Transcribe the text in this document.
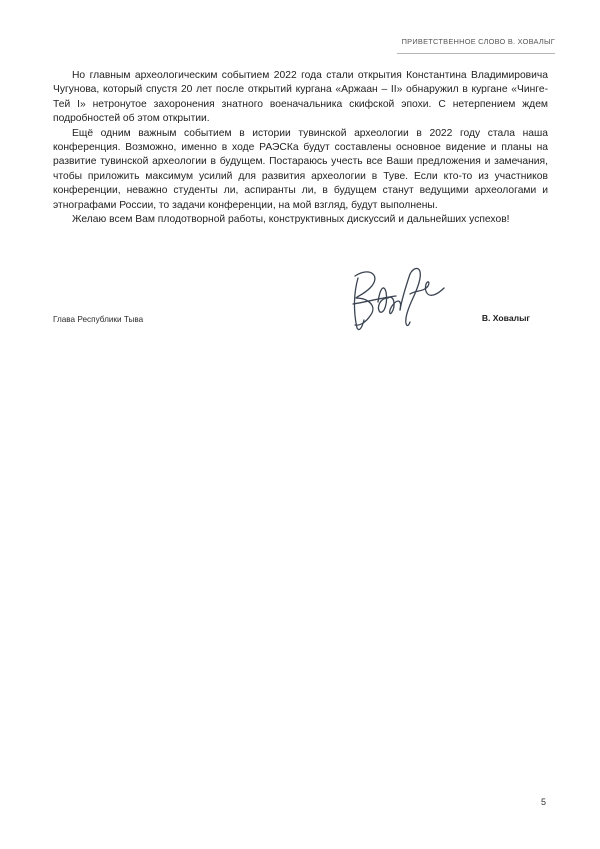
ПРИВЕТСТВЕННОЕ СЛОВО В. ХОВАЛЫГ

Но главным археологическим событием 2022 года стали открытия Константина Владимировича Чугунова, который спустя 20 лет после открытий кургана «Аржаан – II» обнаружил в кургане «Чинге-Тей I» нетронутое захоронения знатного военачальника скифской эпохи. С нетерпением ждем подробностей об этом открытии.

Ещё одним важным событием в истории тувинской археологии в 2022 году стала наша конференция. Возможно, именно в ходе РАЭСКа будут составлены основное видение и планы на развитие тувинской археологии в будущем. Постараюсь учесть все Ваши предложения и замечания, чтобы приложить максимум усилий для развития археологии в Туве. Если кто-то из участников конференции, неважно студенты ли, аспиранты ли, в будущем станут ведущими археологами и этнографами России, то задачи конференции, на мой взгляд, будут выполнены.

Желаю всем Вам плодотворной работы, конструктивных дискуссий и дальнейших успехов!

Глава Республики Тыва	В. Ховалыг
5
